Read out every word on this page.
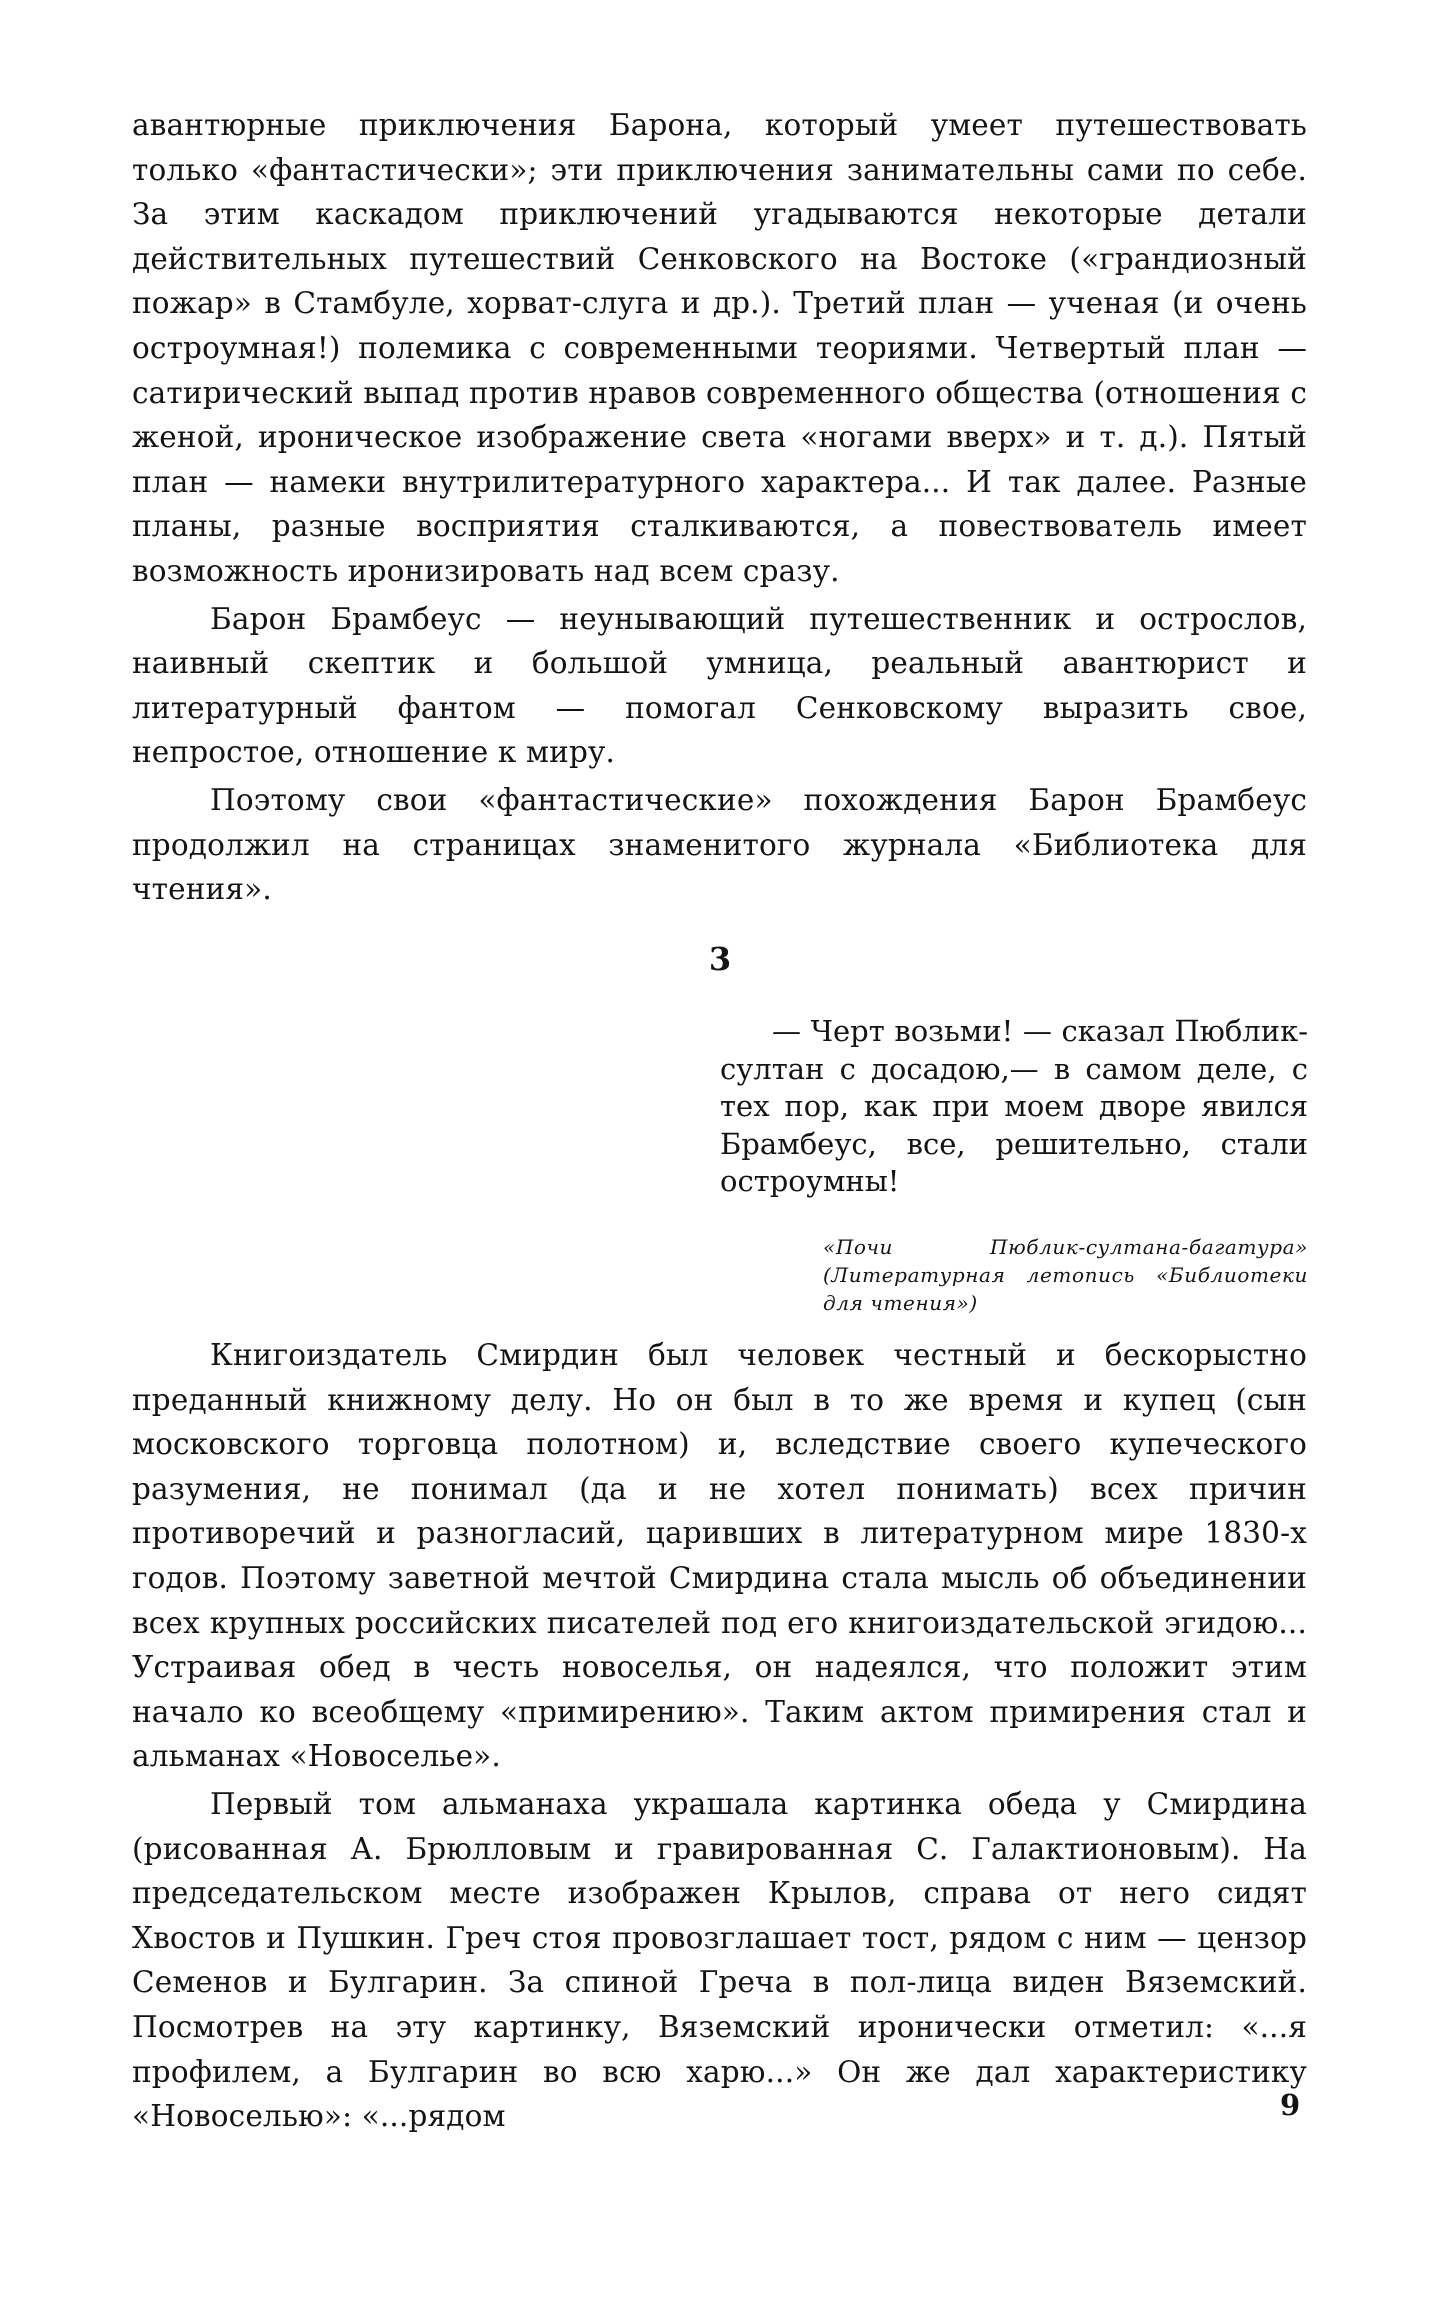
авантюрные приключения Барона, который умеет путешествовать только «фантастически»; эти приключения занимательны сами по себе. За этим каскадом приключений угадываются некоторые детали действительных путешествий Сенковского на Востоке («грандиозный пожар» в Стамбуле, хорват-слуга и др.). Третий план — ученая (и очень остроумная!) полемика с современными теориями. Четвертый план — сатирический выпад против нравов современного общества (отношения с женой, ироническое изображение света «ногами вверх» и т. д.). Пятый план — намеки внутрилитературного характера... И так далее. Разные планы, разные восприятия сталкиваются, а повествователь имеет возможность иронизировать над всем сразу.

Барон Брамбеус — неунывающий путешественник и острослов, наивный скептик и большой умница, реальный авантюрист и литературный фантом — помогал Сенковскому выразить свое, непростое, отношение к миру.

Поэтому свои «фантастические» похождения Барон Брамбеус продолжил на страницах знаменитого журнала «Библиотека для чтения».

3

— Черт возьми! — сказал Пюблик-султан с досадою,— в самом деле, с тех пор, как при моем дворе явился Брамбеус, все, решительно, стали остроумны!

«Почи Пюблик-султана-багатура» (Литературная летопись «Библиотеки для чтения»)

Книгоиздатель Смирдин был человек честный и бескорыстно преданный книжному делу. Но он был в то же время и купец (сын московского торговца полотном) и, вследствие своего купеческого разумения, не понимал (да и не хотел понимать) всех причин противоречий и разногласий, царивших в литературном мире 1830-х годов. Поэтому заветной мечтой Смирдина стала мысль об объединении всех крупных российских писателей под его книгоиздательской эгидою... Устраивая обед в честь новоселья, он надеялся, что положит этим начало ко всеобщему «примирению». Таким актом примирения стал и альманах «Новоселье».

Первый том альманаха украшала картинка обеда у Смирдина (рисованная А. Брюлловым и гравированная С. Галактионовым). На председательском месте изображен Крылов, справа от него сидят Хвостов и Пушкин. Греч стоя провозглашает тост, рядом с ним — цензор Семенов и Булгарин. За спиной Греча в пол-лица виден Вяземский. Посмотрев на эту картинку, Вяземский иронически отметил: «...я профилем, а Булгарин во всю харю...» Он же дал характеристику «Новоселью»: «...рядом	9
